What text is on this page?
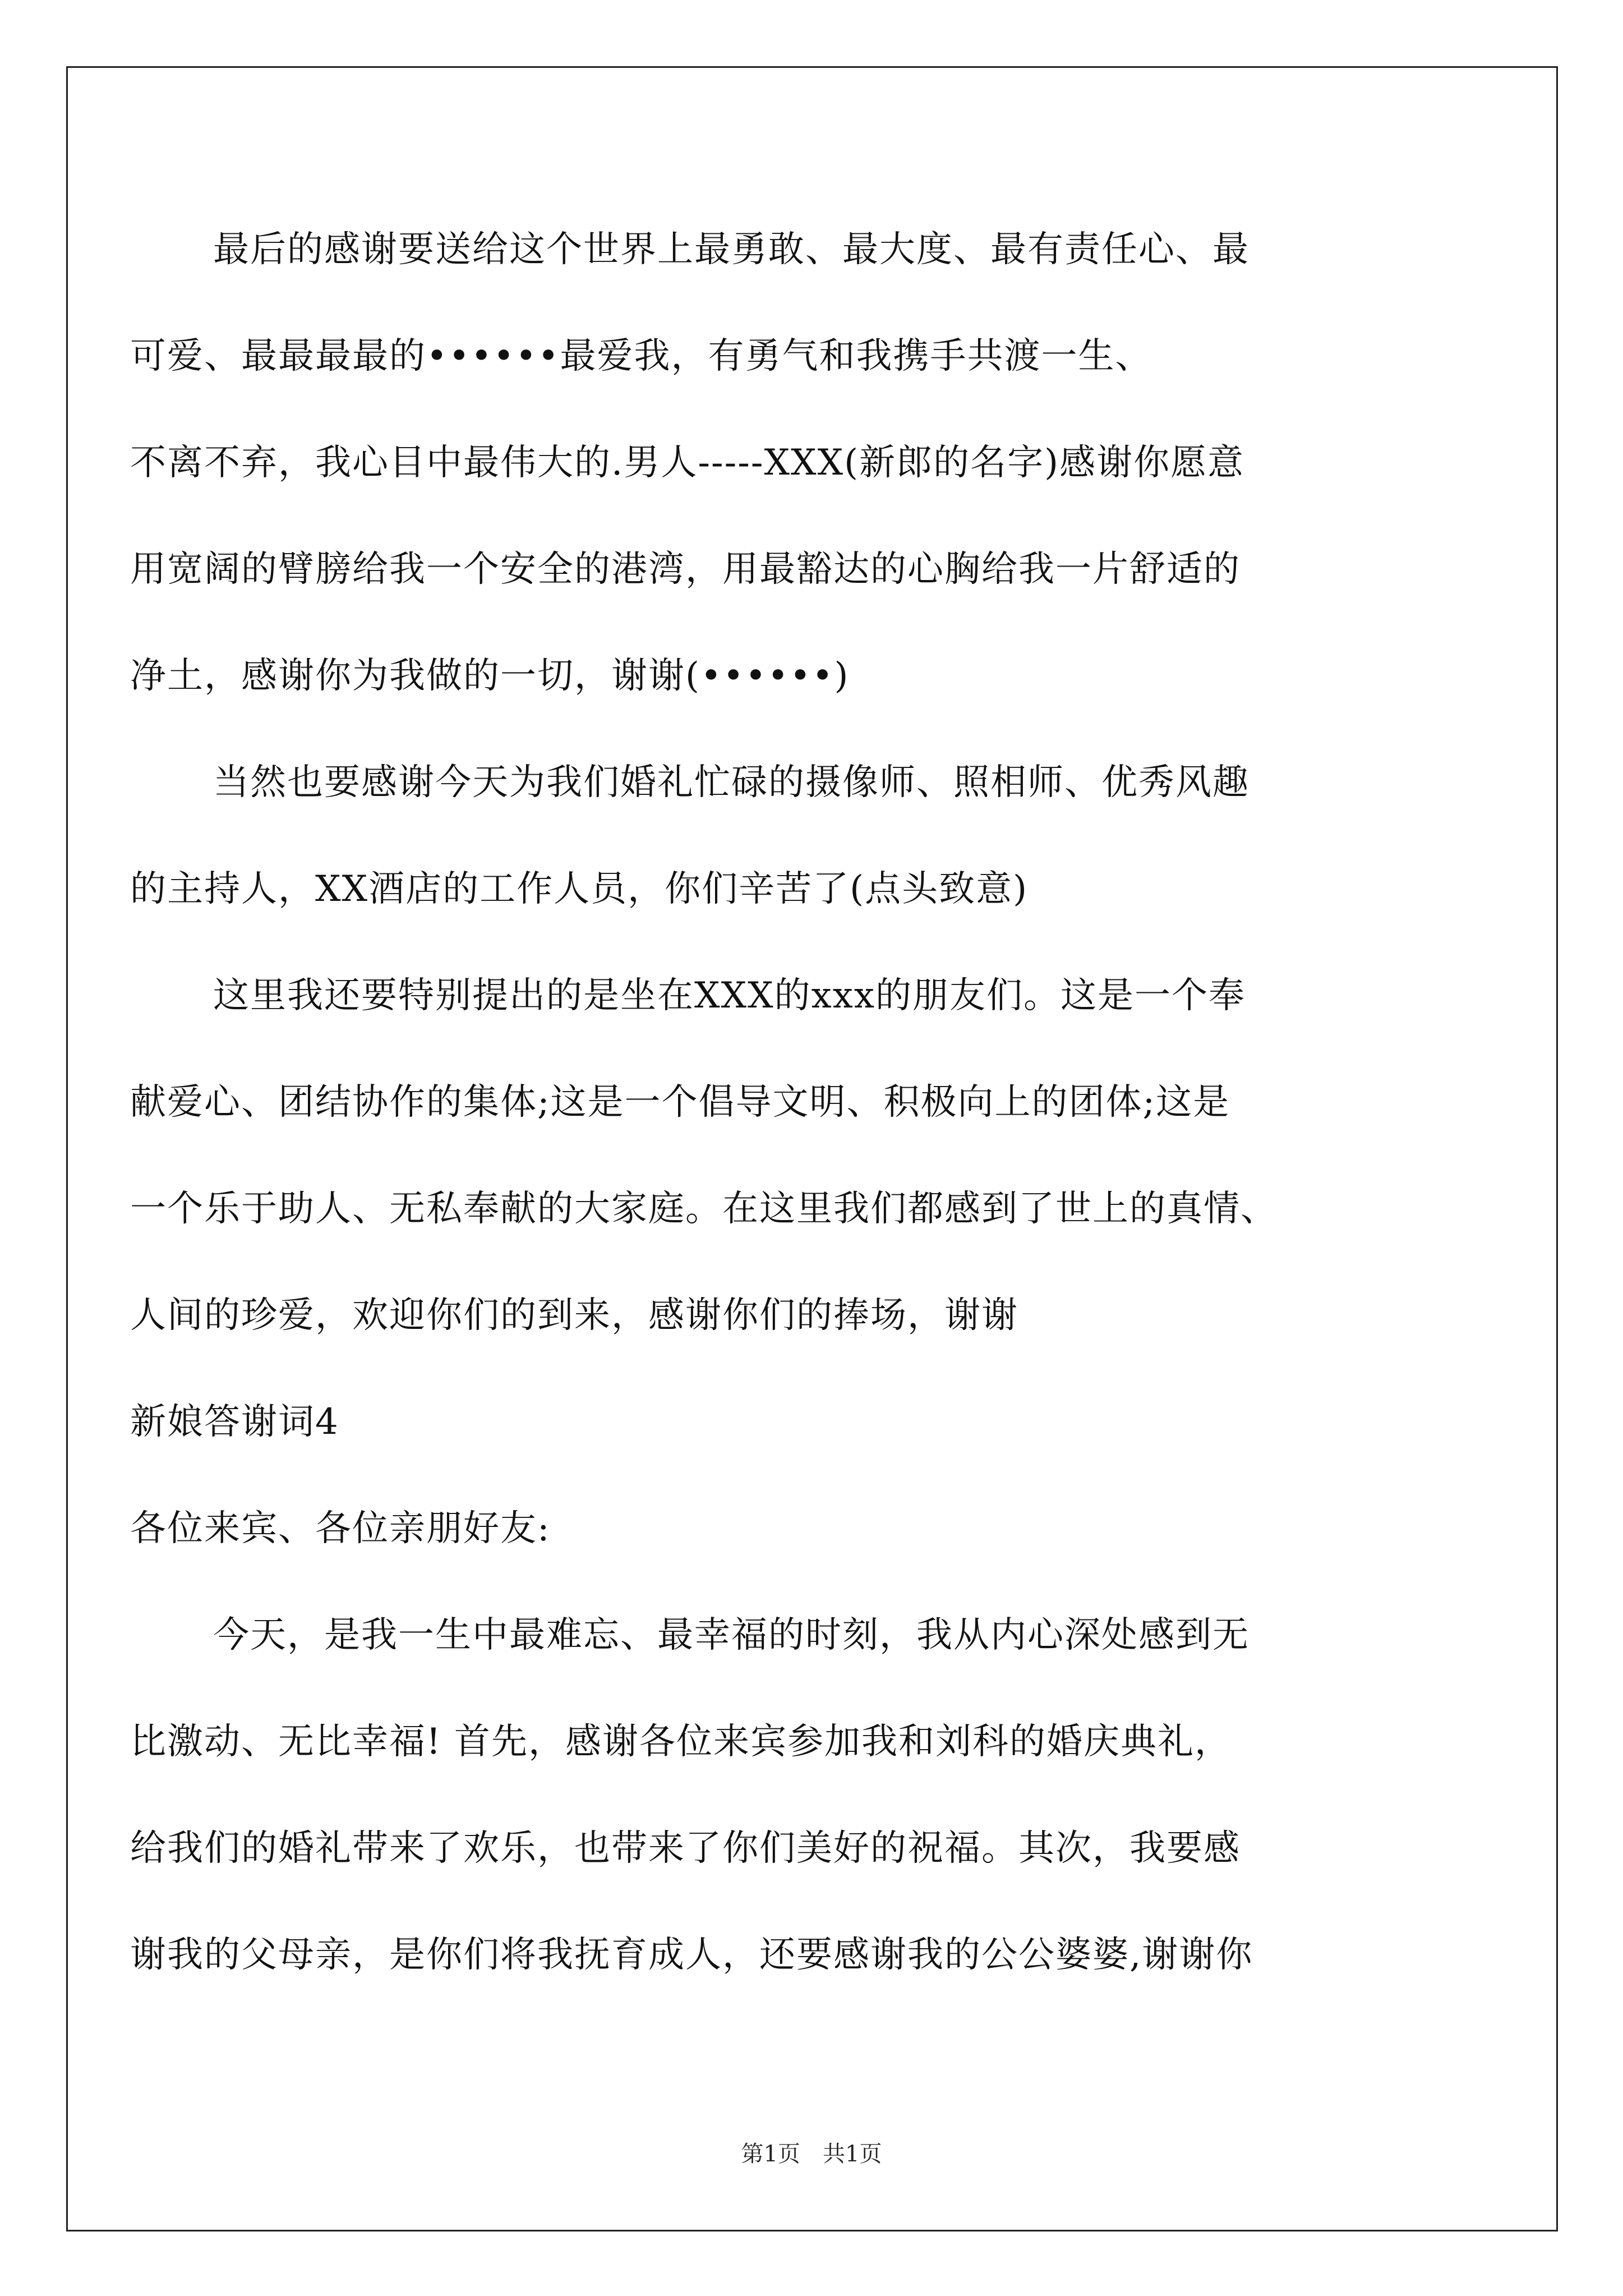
最后的感谢要送给这个世界上最勇敢、最大度、最有责任心、最
可爱、最最最最的••••••最爱我，有勇气和我携手共渡一生、
不离不弃，我心目中最伟大的.男人-----XXX(新郎的名字)感谢你愿意
用宽阔的臂膀给我一个安全的港湾，用最豁达的心胸给我一片舒适的
净土，感谢你为我做的一切，谢谢(••••••)
当然也要感谢今天为我们婚礼忙碌的摄像师、照相师、优秀风趣
的主持人，XX酒店的工作人员，你们辛苦了(点头致意)
这里我还要特别提出的是坐在XXX的xxx的朋友们。这是一个奉
献爱心、团结协作的集体;这是一个倡导文明、积极向上的团体;这是
一个乐于助人、无私奉献的大家庭。在这里我们都感到了世上的真情、
人间的珍爱，欢迎你们的到来，感谢你们的捧场，谢谢
新娘答谢词4
各位来宾、各位亲朋好友:
今天，是我一生中最难忘、最幸福的时刻，我从内心深处感到无
比激动、无比幸福! 首先，感谢各位来宾参加我和刘科的婚庆典礼，
给我们的婚礼带来了欢乐，也带来了你们美好的祝福。其次，我要感
谢我的父母亲，是你们将我抚育成人，还要感谢我的公公婆婆,谢谢你
第1页　共1页
